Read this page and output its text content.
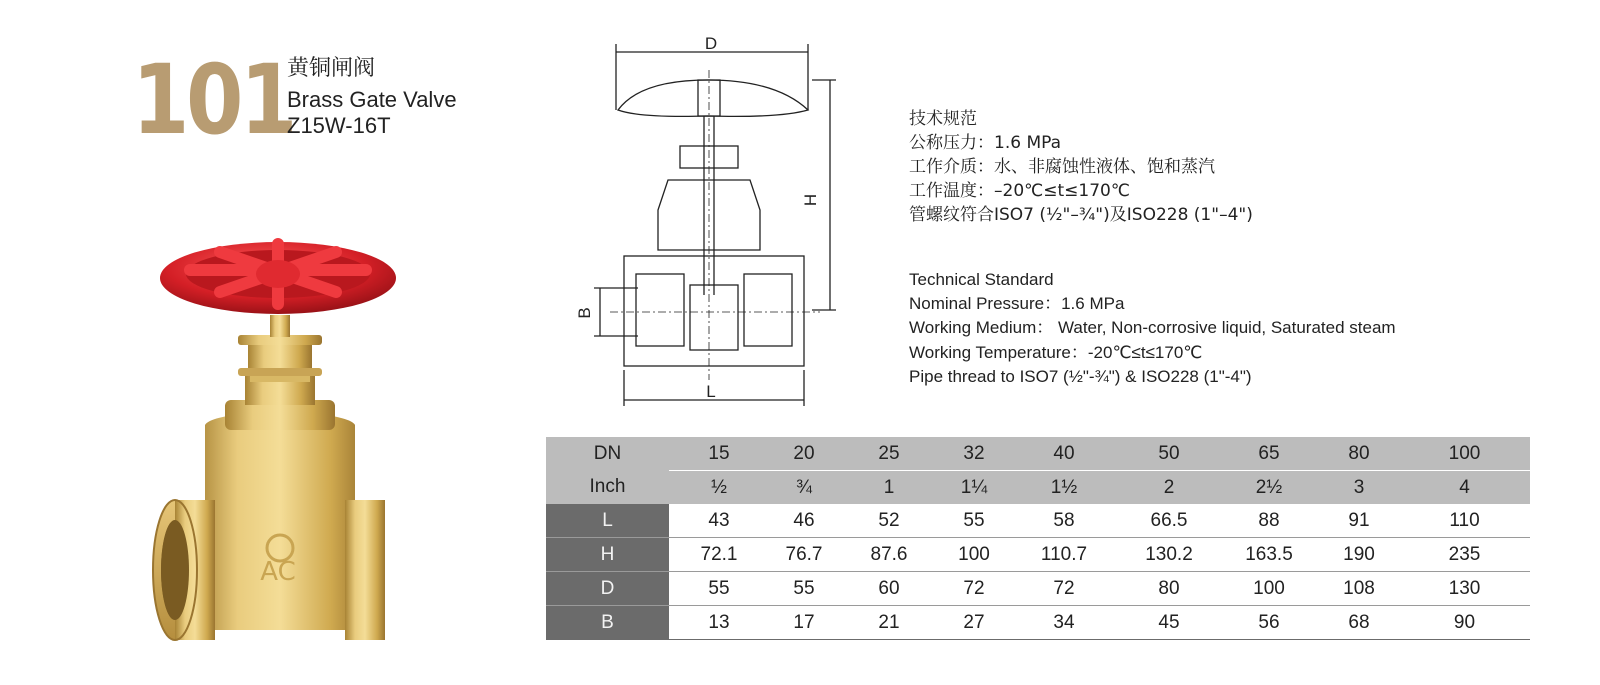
101
黄铜闸阀
Brass Gate Valve
Z15W-16T
AC
D
H
B
L
技术规范
公称压力：1.6 MPa
工作介质：水、非腐蚀性液体、饱和蒸汽
工作温度：–20℃≤t≤170℃
管螺纹符合ISO7 (½"–¾")及ISO228 (1"–4")
Technical Standard
Nominal Pressure：1.6 MPa
Working Medium： Water, Non-corrosive liquid, Saturated steam
Working Temperature：-20℃≤t≤170℃
Pipe thread to ISO7 (½"-¾") & ISO228 (1"-4")
DN	15	20	25	32	40	50	65	80	100
Inch	½	¾	1	1¼	1½	2	2½	3	4
L	43	46	52	55	58	66.5	88	91	110
H	72.1	76.7	87.6	100	110.7	130.2	163.5	190	235
D	55	55	60	72	72	80	100	108	130
B	13	17	21	27	34	45	56	68	90
